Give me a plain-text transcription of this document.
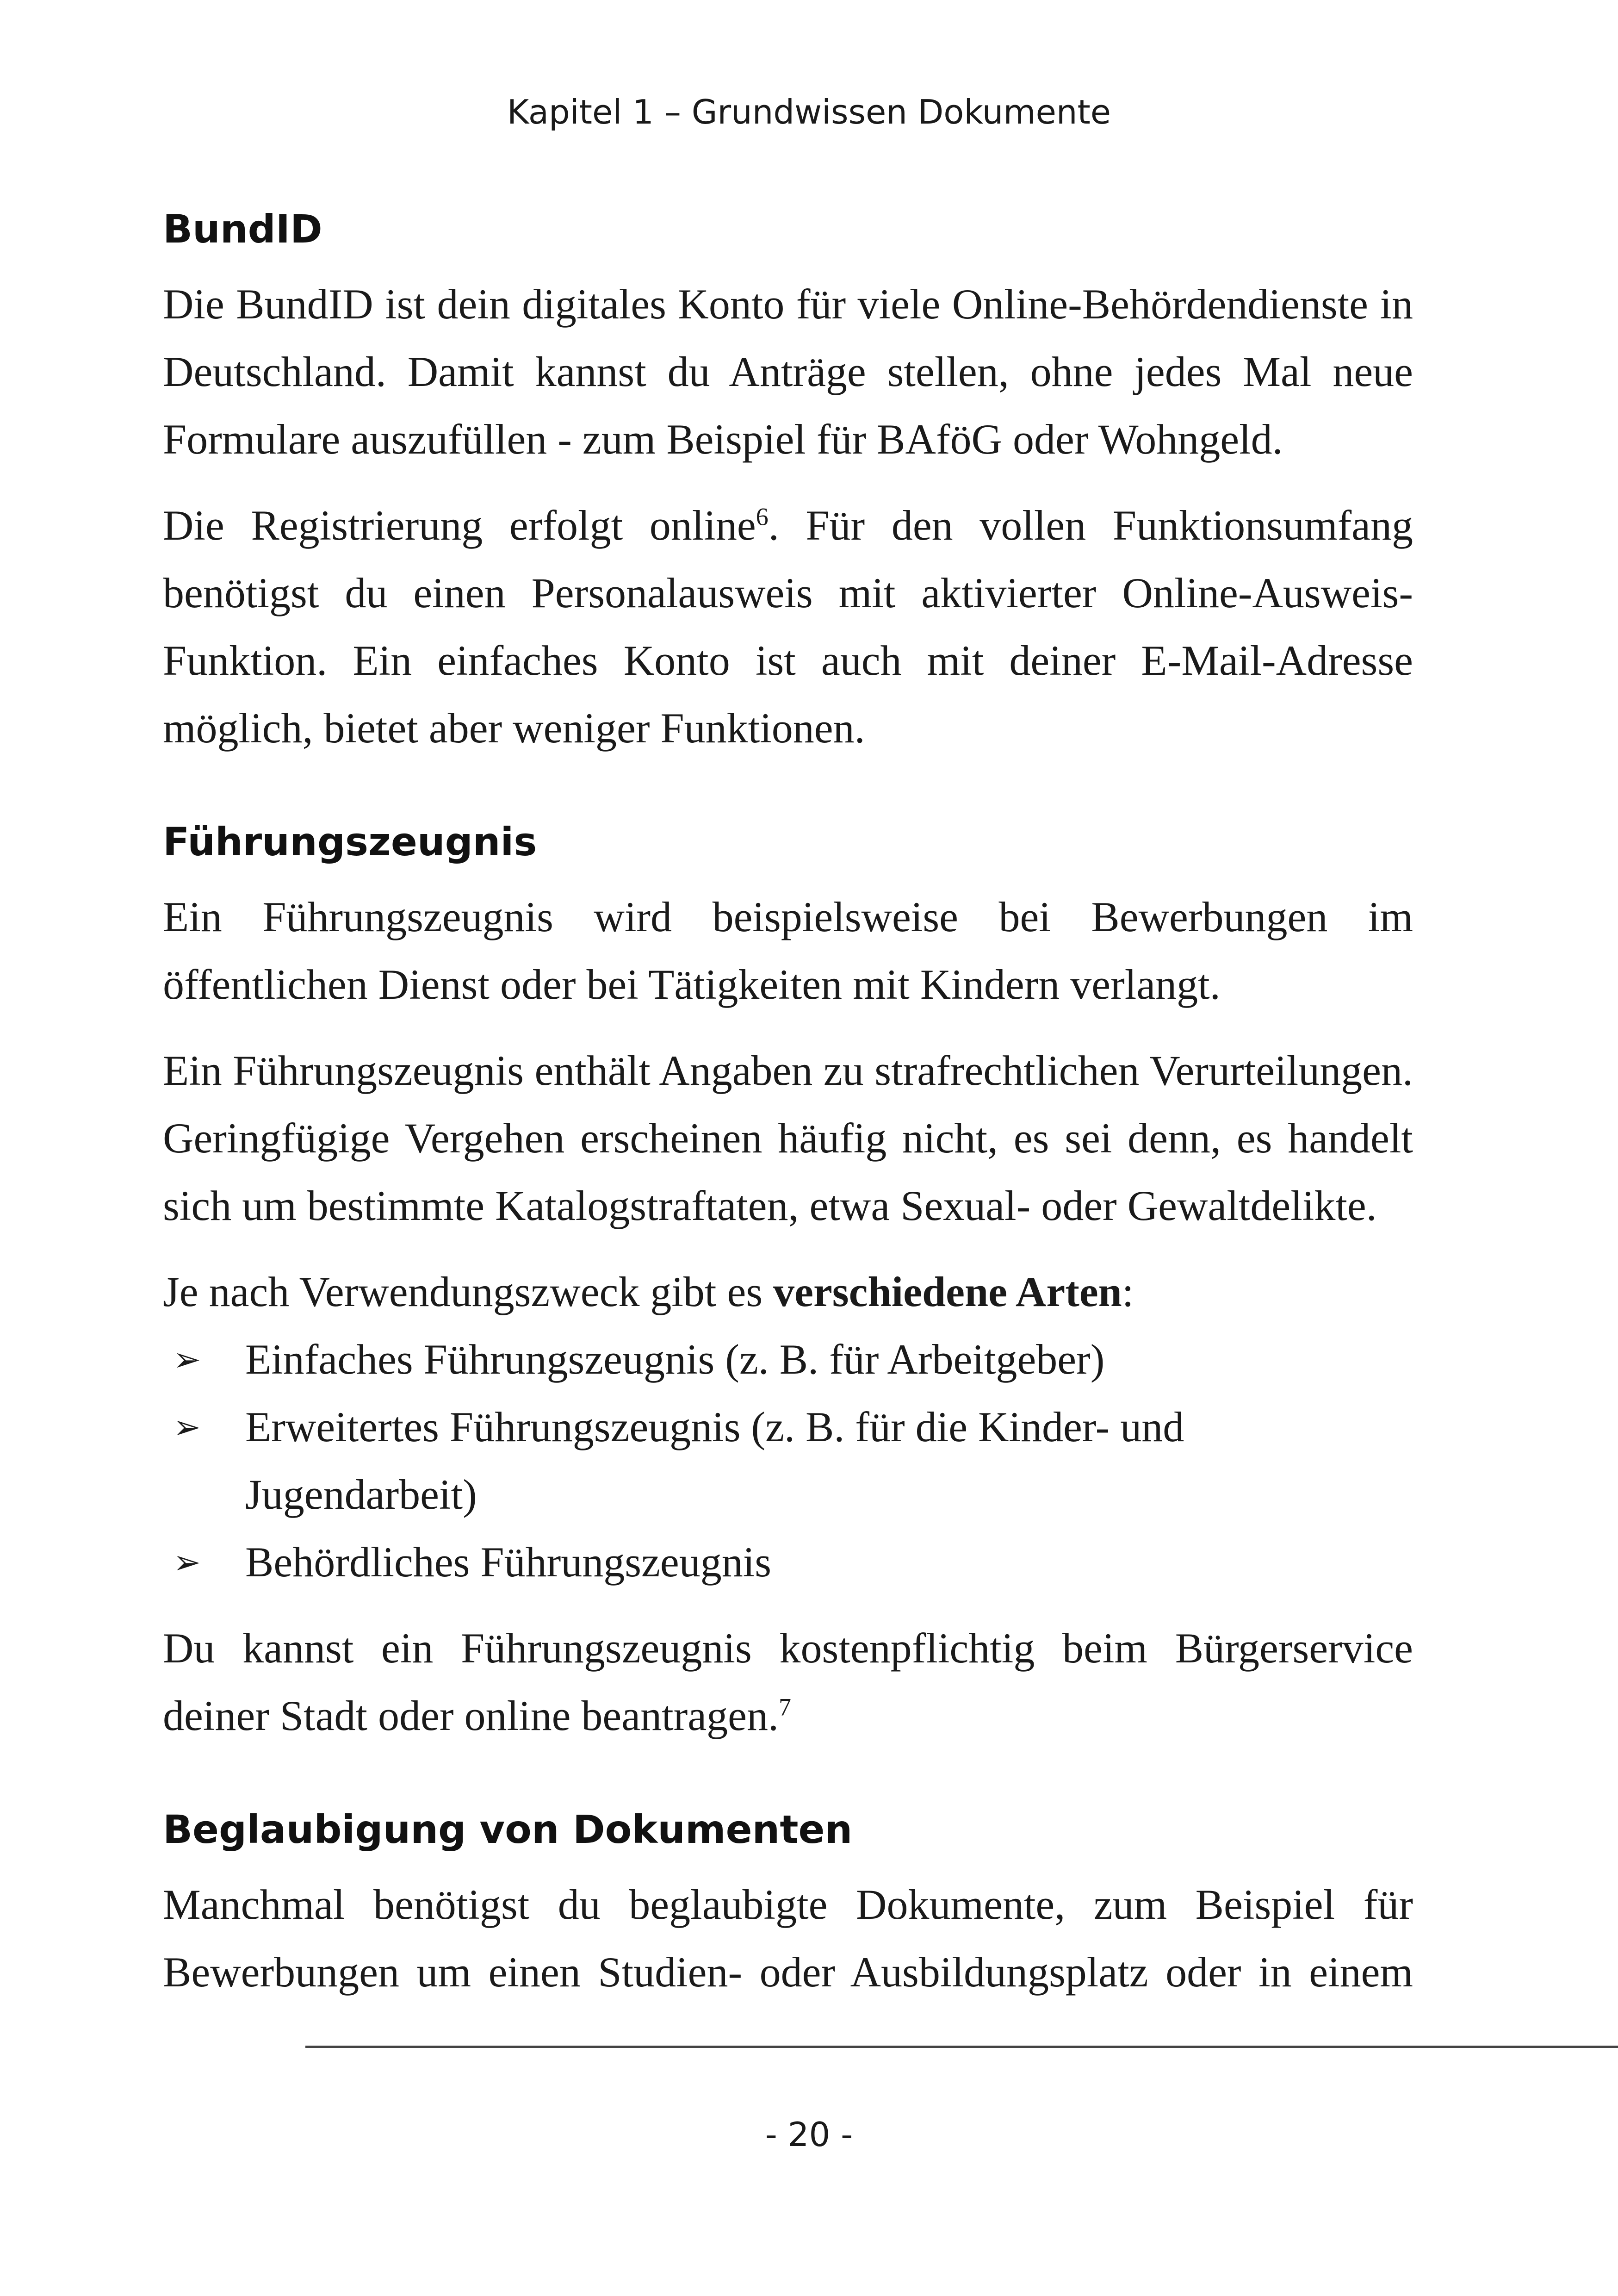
Kapitel 1 – Grundwissen Dokumente
BundID

Die BundID ist dein digitales Konto für viele Online-Behördendienste in Deutschland. Damit kannst du Anträge stellen, ohne jedes Mal neue Formulare auszufüllen - zum Beispiel für BAföG oder Wohngeld.

Die Registrierung erfolgt online$^6$. Für den vollen Funktionsumfang benötigst du einen Personalausweis mit aktivierter Online-Ausweis-Funktion. Ein einfaches Konto ist auch mit deiner E-Mail-Adresse möglich, bietet aber weniger Funktionen.

Führungszeugnis

Ein Führungszeugnis wird beispielsweise bei Bewerbungen im öffentlichen Dienst oder bei Tätigkeiten mit Kindern verlangt.

Ein Führungszeugnis enthält Angaben zu strafrechtlichen Verurteilungen. Geringfügige Vergehen erscheinen häufig nicht, es sei denn, es handelt sich um bestimmte Katalogstraftaten, etwa Sexual- oder Gewaltdelikte.

Je nach Verwendungszweck gibt es verschiedene Arten:

➢ Einfaches Führungszeugnis (z. B. für Arbeitgeber)
➢ Erweitertes Führungszeugnis (z. B. für die Kinder- und Jugendarbeit)
➢ Behördliches Führungszeugnis

Du kannst ein Führungszeugnis kostenpflichtig beim Bürgerservice deiner Stadt oder online beantragen.$^7$

Beglaubigung von Dokumenten

Manchmal benötigst du beglaubigte Dokumente, zum Beispiel für Bewerbungen um einen Studien- oder Ausbildungsplatz oder in einem

- 20 -
